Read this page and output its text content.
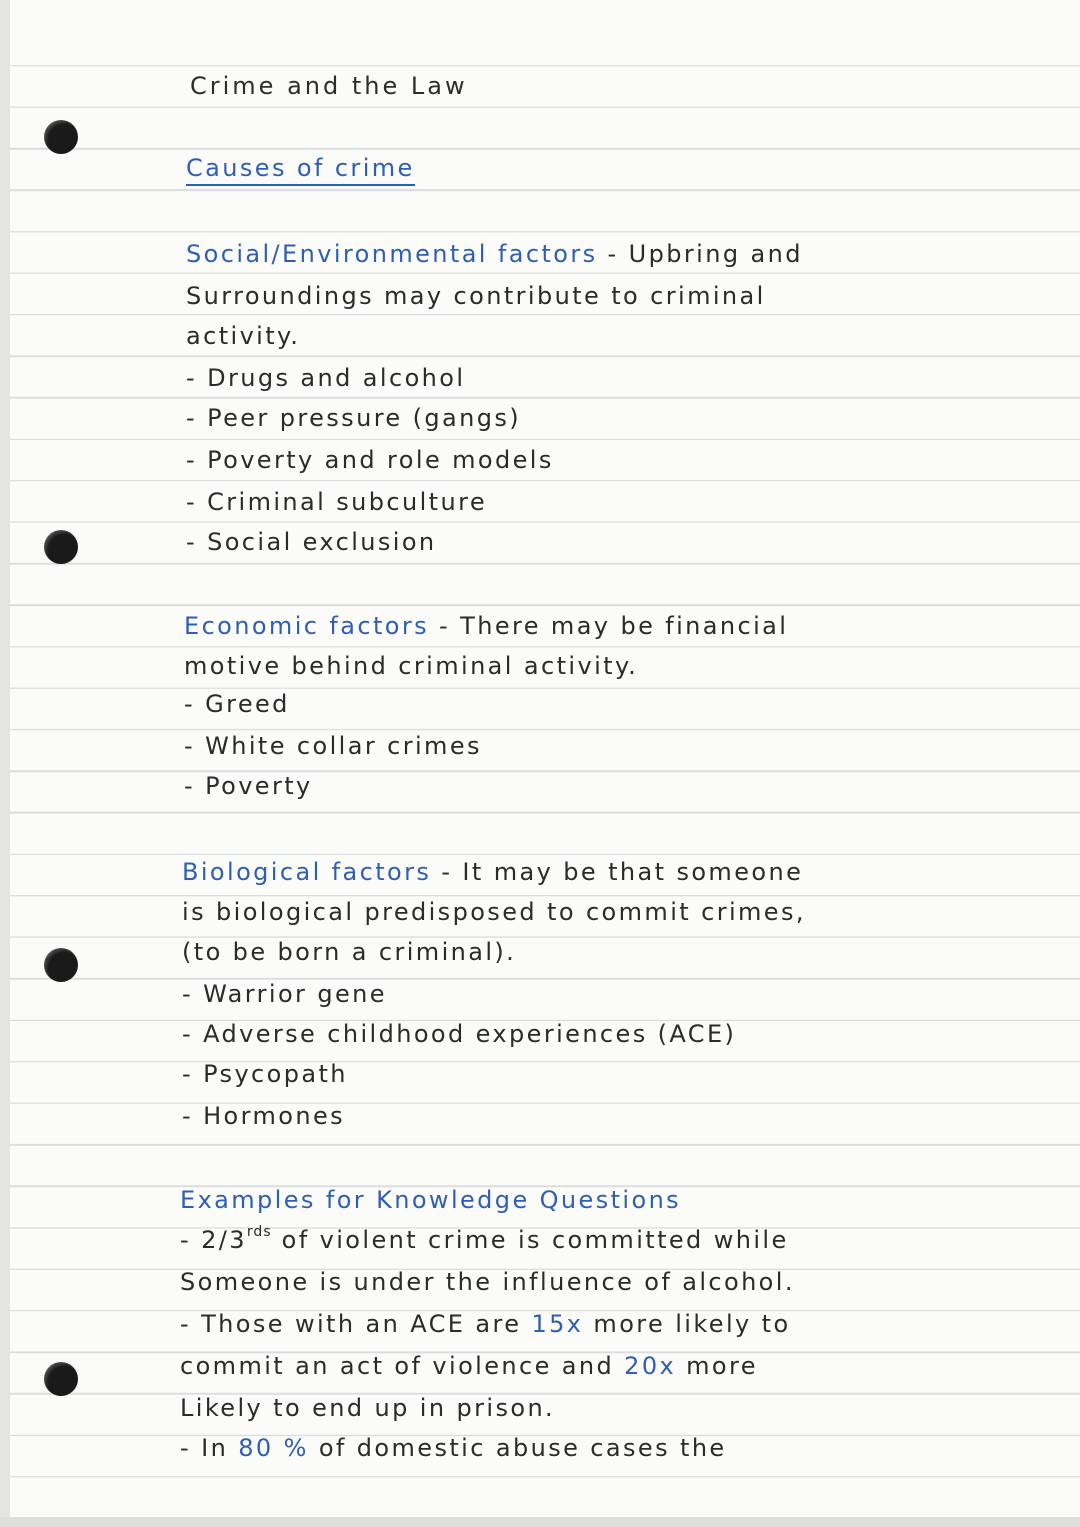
Crime and the Law
Causes of crime
Social/Environmental factors - Upbring and
Surroundings may contribute to criminal
activity.
- Drugs and alcohol
- Peer pressure (gangs)
- Poverty and role models
- Criminal subculture
- Social exclusion
Economic factors - There may be financial
motive behind criminal activity.
- Greed
- White collar crimes
- Poverty
Biological factors - It may be that someone
is biological predisposed to commit crimes,
(to be born a criminal).
- Warrior gene
- Adverse childhood experiences (ACE)
- Psycopath
- Hormones
Examples for Knowledge Questions
- $2/3^{rds}$ of violent crime is committed while
Someone is under the influence of alcohol.
- Those with an ACE are 15x more likely to
commit an act of violence and 20x more
Likely to end up in prison.
- In 80 % of domestic abuse cases the
